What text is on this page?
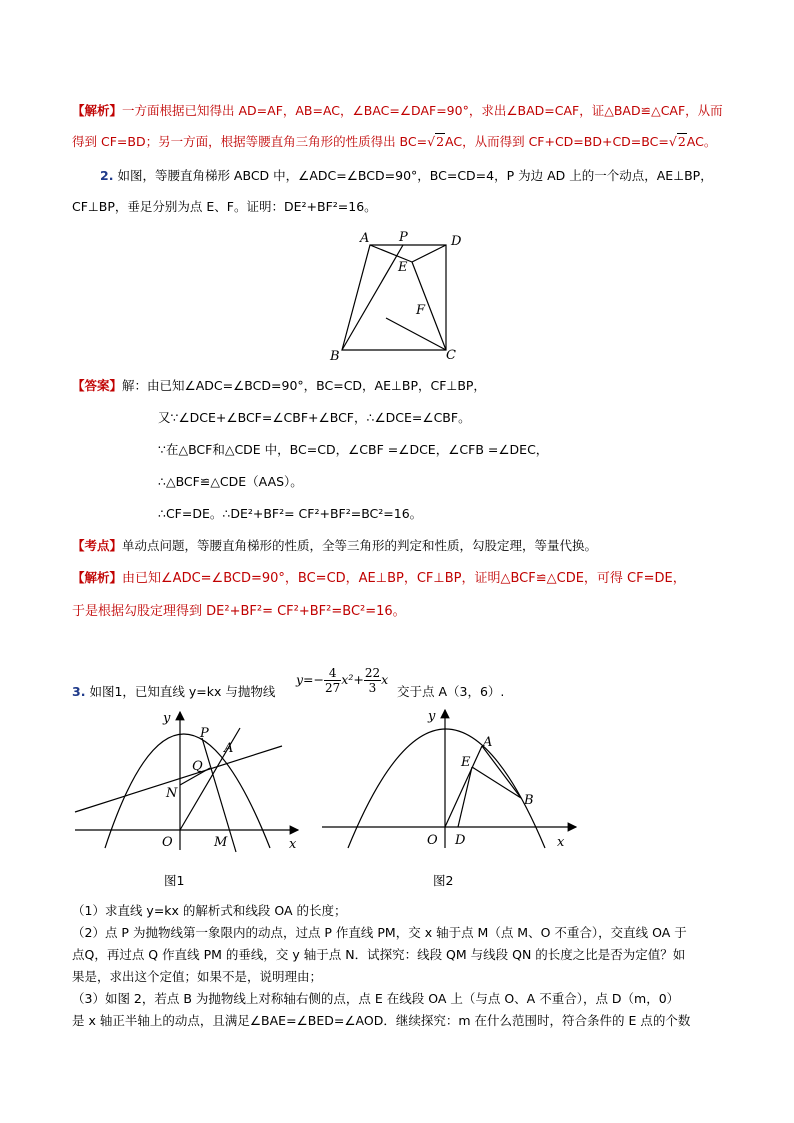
【解析】一方面根据已知得出 AD=AF，AB=AC，∠BAC=∠DAF=90°，求出∠BAD=CAF，证△BAD≌△CAF，从而
得到 CF=BD；另一方面，根据等腰直角三角形的性质得出 BC=√2AC，从而得到 CF+CD=BD+CD=BC=√2AC。
2. 如图，等腰直角梯形 ABCD 中，∠ADC=∠BCD=90°，BC=CD=4，P 为边 AD 上的一个动点，AE⊥BP，
CF⊥BP，垂足分别为点 E、F。证明：DE²+BF²=16。
A P	D
E
F
B	C
【答案】解：由已知∠ADC=∠BCD=90°，BC=CD，AE⊥BP，CF⊥BP，
又∵∠DCE+∠BCF=∠CBF+∠BCF，∴∠DCE=∠CBF。
∵在△BCF和△CDE 中，BC=CD，∠CBF =∠DCE，∠CFB =∠DEC，
∴△BCF≌△CDE（AAS）。
∴CF=DE。∴DE²+BF²= CF²+BF²=BC²=16。
【考点】单动点问题，等腰直角梯形的性质，全等三角形的判定和性质，勾股定理，等量代换。
【解析】由已知∠ADC=∠BCD=90°，BC=CD，AE⊥BP，CF⊥BP，证明△BCF≌△CDE，可得 CF=DE，
于是根据勾股定理得到 DE²+BF²= CF²+BF²=BC²=16。
3. 如图1，已知直线 y=kx 与抛物线
$y=- \frac{4}{27} x^2+ \frac{22}{3}$ x
交于点 A（3，6）.
y
P
A
Q
N
O	M	x
y
A
E
B
O D	x
图1	图2
（1）求直线 y=kx 的解析式和线段 OA 的长度；
（2）点 P 为抛物线第一象限内的动点，过点 P 作直线 PM，交 x 轴于点 M（点 M、O 不重合），交直线 OA 于
点Q，再过点 Q 作直线 PM 的垂线，交 y 轴于点 N．试探究：线段 QM 与线段 QN 的长度之比是否为定值？如
果是，求出这个定值；如果不是，说明理由；
（3）如图 2，若点 B 为抛物线上对称轴右侧的点，点 E 在线段 OA 上（与点 O、A 不重合），点 D（m，0）
是 x 轴正半轴上的动点，且满足∠BAE=∠BED=∠AOD．继续探究：m 在什么范围时，符合条件的 E 点的个数
